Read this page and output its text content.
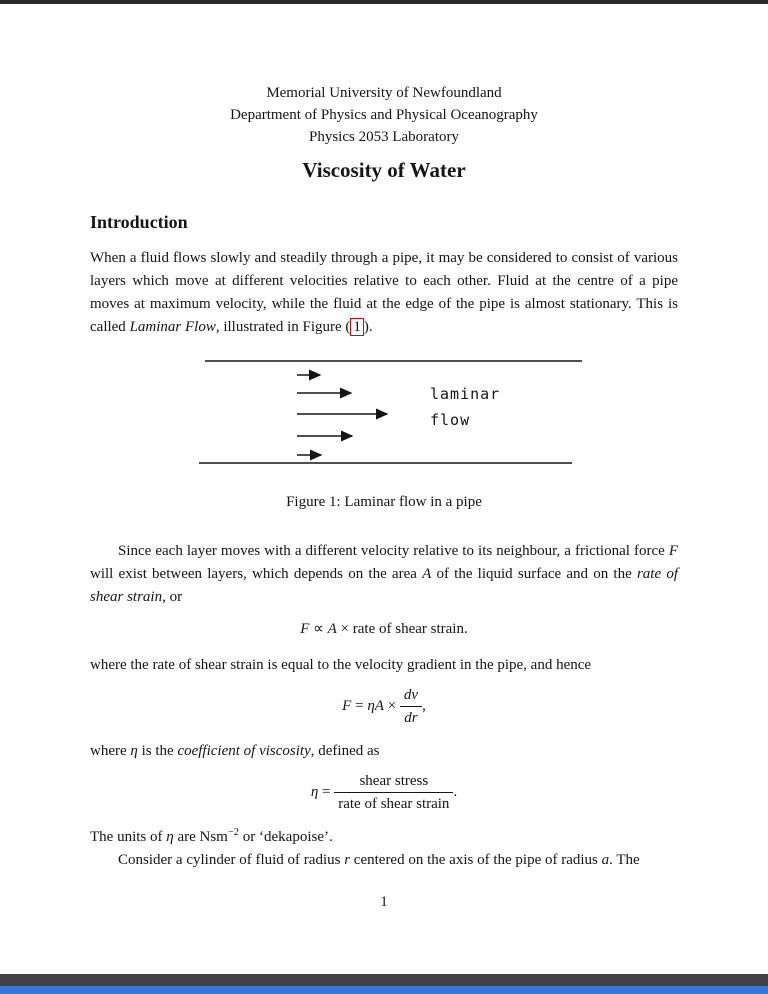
Memorial University of Newfoundland
Department of Physics and Physical Oceanography
Physics 2053 Laboratory
Viscosity of Water
Introduction

When a fluid flows slowly and steadily through a pipe, it may be considered to consist of various layers which move at different velocities relative to each other. Fluid at the centre of a pipe moves at maximum velocity, while the fluid at the edge of the pipe is almost stationary. This is called Laminar Flow, illustrated in Figure ( 1 ).

laminar
flow
Figure 1: Laminar flow in a pipe

Since each layer moves with a different velocity relative to its neighbour, a frictional force F will exist between layers, which depends on the area A of the liquid surface and on the rate of shear strain, or

F ∝ A × rate of shear strain.

where the rate of shear strain is equal to the velocity gradient in the pipe, and hence

$F = \eta A \times \frac{dv}{dr}$ ,

where η is the coefficient of viscosity, defined as

$\eta = \frac{\text{shear stress}}{\text{rate of shear strain}}$ .

The units of η are Nsm$^{-2}$ or ‘dekapoise’.

Consider a cylinder of fluid of radius r centered on the axis of the pipe of radius a. The

1
